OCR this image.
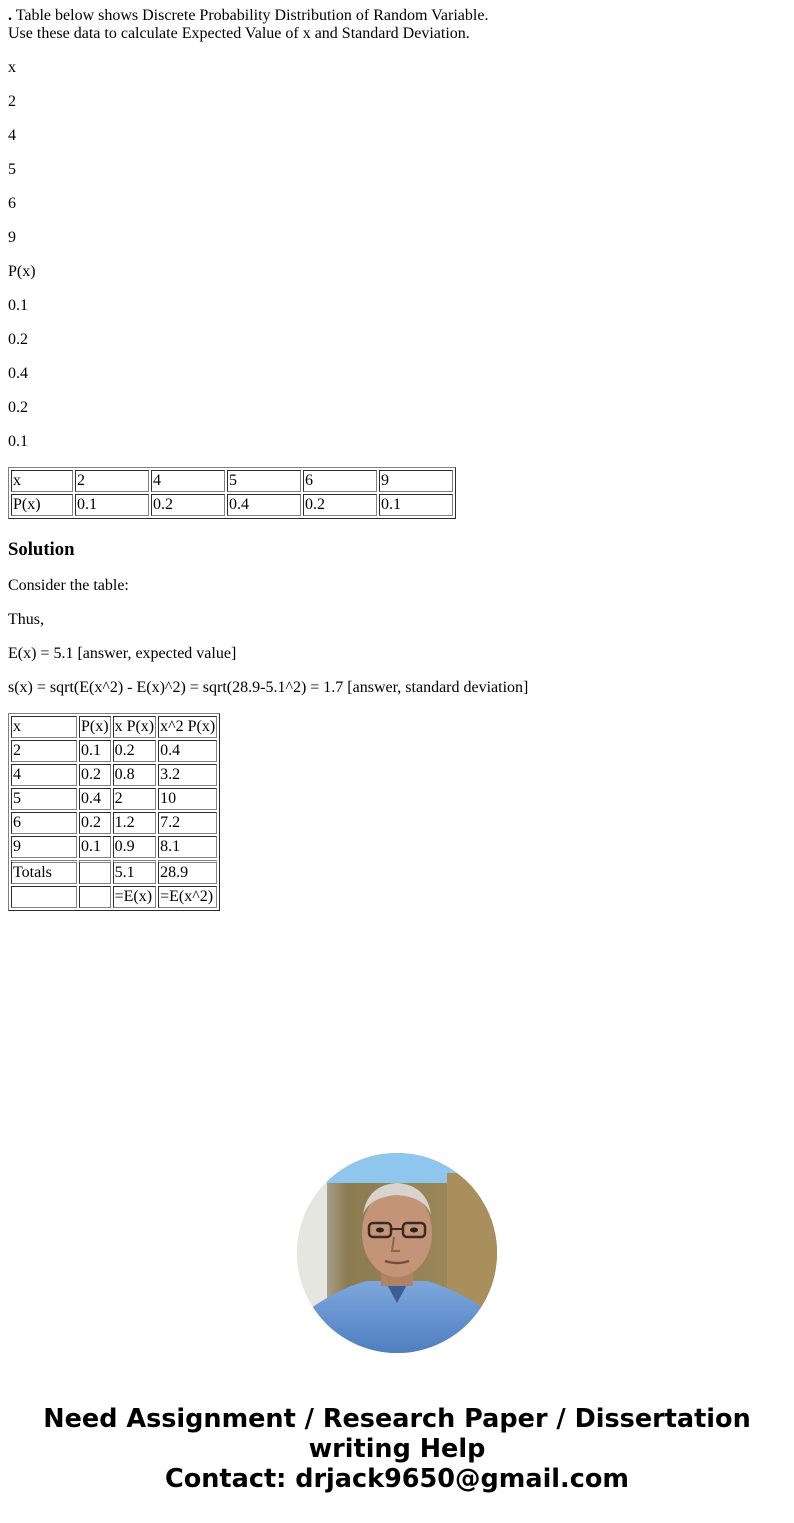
. Table below shows Discrete Probability Distribution of Random Variable.
Use these data to calculate Expected Value of x and Standard Deviation.

x

2

4

5

6

9

P(x)

0.1

0.2

0.4

0.2

0.1

x	2	4	5	6	9
P(x)	0.1	0.2	0.4	0.2	0.1
Solution

Consider the table:

Thus,

E(x) = 5.1 [answer, expected value]

s(x) = sqrt(E(x^2) - E(x)^2) = sqrt(28.9-5.1^2) = 1.7 [answer, standard deviation]

x	P(x)	x P(x)	x^2 P(x)
2	0.1	0.2	0.4
4	0.2	0.8	3.2
5	0.4	2	10
6	0.2	1.2	7.2
9	0.1	0.9	8.1
Totals		5.1	28.9
		=E(x)	=E(x^2)
Need Assignment / Research Paper / Dissertation
writing Help
Contact: drjack9650@gmail.com
